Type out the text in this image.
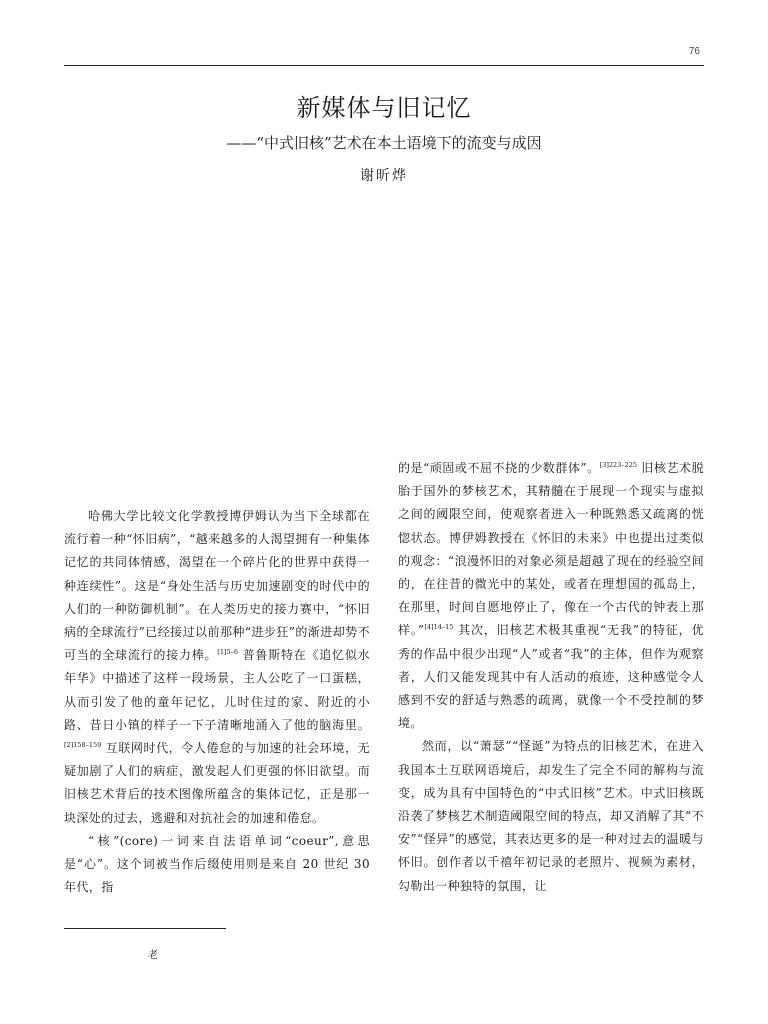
76
新媒体与旧记忆
——“中式旧核”艺术在本土语境下的流变与成因
谢昕烨

哈佛大学比较文化学教授博伊姆认为当下全球都在流行着一种“怀旧病”，“越来越多的人渴望拥有一种集体记忆的共同体情感，渴望在一个碎片化的世界中获得一种连续性”。这是“身处生活与历史加速剧变的时代中的人们的一种防御机制”。在人类历史的接力赛中，“怀旧病的全球流行”已经接过以前那种“进步狂”的渐进却势不可当的全球流行的接力棒。$^{[1]5-6}$ 普鲁斯特在《追忆似水年华》中描述了这样一段场景，主人公吃了一口蛋糕，从而引发了他的童年记忆，儿时住过的家、附近的小路、昔日小镇的样子一下子清晰地涌入了他的脑海里。$^{[2]158-159}$ 互联网时代，令人倦怠的与加速的社会环境，无疑加剧了人们的病症，激发起人们更强的怀旧欲望。而旧核艺术背后的技术图像所蕴含的集体记忆，正是那一块深处的过去，逃避和对抗社会的加速和倦怠。

“核”(core)一词来自法语单词“coeur”,意思是“心”。这个词被当作后缀使用则是来自 20 世纪 30 年代，指

的是“顽固或不屈不挠的少数群体”。$^{[3]223-225}$ 旧核艺术脱胎于国外的梦核艺术，其精髓在于展现一个现实与虚拟之间的阈限空间，使观察者进入一种既熟悉又疏离的恍惚状态。博伊姆教授在《怀旧的未来》中也提出过类似的观念：“浪漫怀旧的对象必须是超越了现在的经验空间的，在往昔的微光中的某处，或者在理想国的孤岛上，在那里，时间自愿地停止了，像在一个古代的钟表上那样。”$^{[4]14-15}$ 其次，旧核艺术极其重视“无我”的特征，优秀的作品中很少出现“人”或者“我”的主体，但作为观察者，人们又能发现其中有人活动的痕迹，这种感觉令人感到不安的舒适与熟悉的疏离，就像一个不受控制的梦境。

然而，以“萧瑟”“怪诞”为特点的旧核艺术，在进入我国本土互联网语境后，却发生了完全不同的解构与流变，成为具有中国特色的“中式旧核”艺术。中式旧核既沿袭了梦核艺术制造阈限空间的特点，却又消解了其“不安”“怪异”的感觉，其表达更多的是一种对过去的温暖与怀旧。创作者以千禧年初记录的老照片、视频为素材，勾勒出一种独特的氛围，让

老
